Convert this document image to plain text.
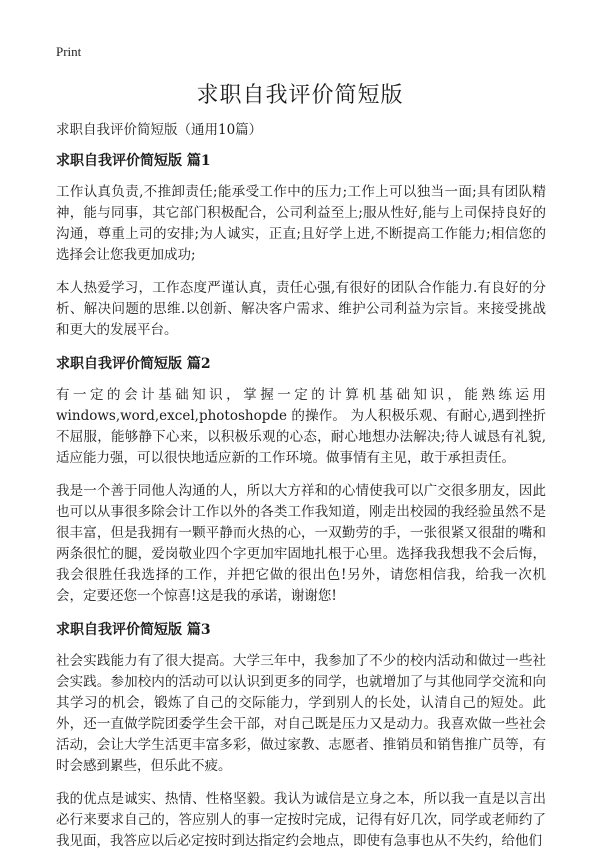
Print
求职自我评价简短版

求职自我评价简短版（通用10篇）

求职自我评价简短版 篇1

工作认真负责,不推卸责任;能承受工作中的压力;工作上可以独当一面;具有团队精神，能与同事，其它部门积极配合，公司利益至上;服从性好,能与上司保持良好的沟通，尊重上司的安排;为人诚实，正直;且好学上进,不断提高工作能力;相信您的选择会让您我更加成功;

本人热爱学习，工作态度严谨认真，责任心强,有很好的团队合作能力.有良好的分析、解决问题的思维.以创新、解决客户需求、维护公司利益为宗旨。来接受挑战和更大的发展平台。

求职自我评价简短版 篇2

有一定的会计基础知识，掌握一定的计算机基础知识，能熟练运用windows,word,excel,photoshopde 的操作。 为人积极乐观、有耐心,遇到挫折不屈服，能够静下心来，以积极乐观的心态，耐心地想办法解决;待人诚恳有礼貌,适应能力强，可以很快地适应新的工作环境。做事情有主见，敢于承担责任。

我是一个善于同他人沟通的人，所以大方祥和的心情使我可以广交很多朋友，因此也可以从事很多除会计工作以外的各类工作我知道，刚走出校园的我经验虽然不是很丰富，但是我拥有一颗平静而火热的心，一双勤劳的手，一张很紧又很甜的嘴和两条很忙的腿，爱岗敬业四个字更加牢固地扎根于心里。选择我我想我不会后悔，我会很胜任我选择的工作，并把它做的很出色!另外，请您相信我，给我一次机会，定要还您一个惊喜!这是我的承诺，谢谢您!

求职自我评价简短版 篇3

社会实践能力有了很大提高。大学三年中，我参加了不少的校内活动和做过一些社会实践。参加校内的活动可以认识到更多的同学，也就增加了与其他同学交流和向其学习的机会，锻炼了自己的交际能力，学到别人的长处，认清自己的短处。此外，还一直做学院团委学生会干部，对自己既是压力又是动力。我喜欢做一些社会活动，会让大学生活更丰富多彩，做过家教、志愿者、推销员和销售推广员等，有时会感到累些，但乐此不疲。

我的优点是诚实、热情、性格坚毅。我认为诚信是立身之本，所以我一直是以言出必行来要求自己的，答应别人的事一定按时完成，记得有好几次，同学或老师约了我见面，我答应以后必定按时到达指定约会地点，即使有急事也从不失约，给他们
